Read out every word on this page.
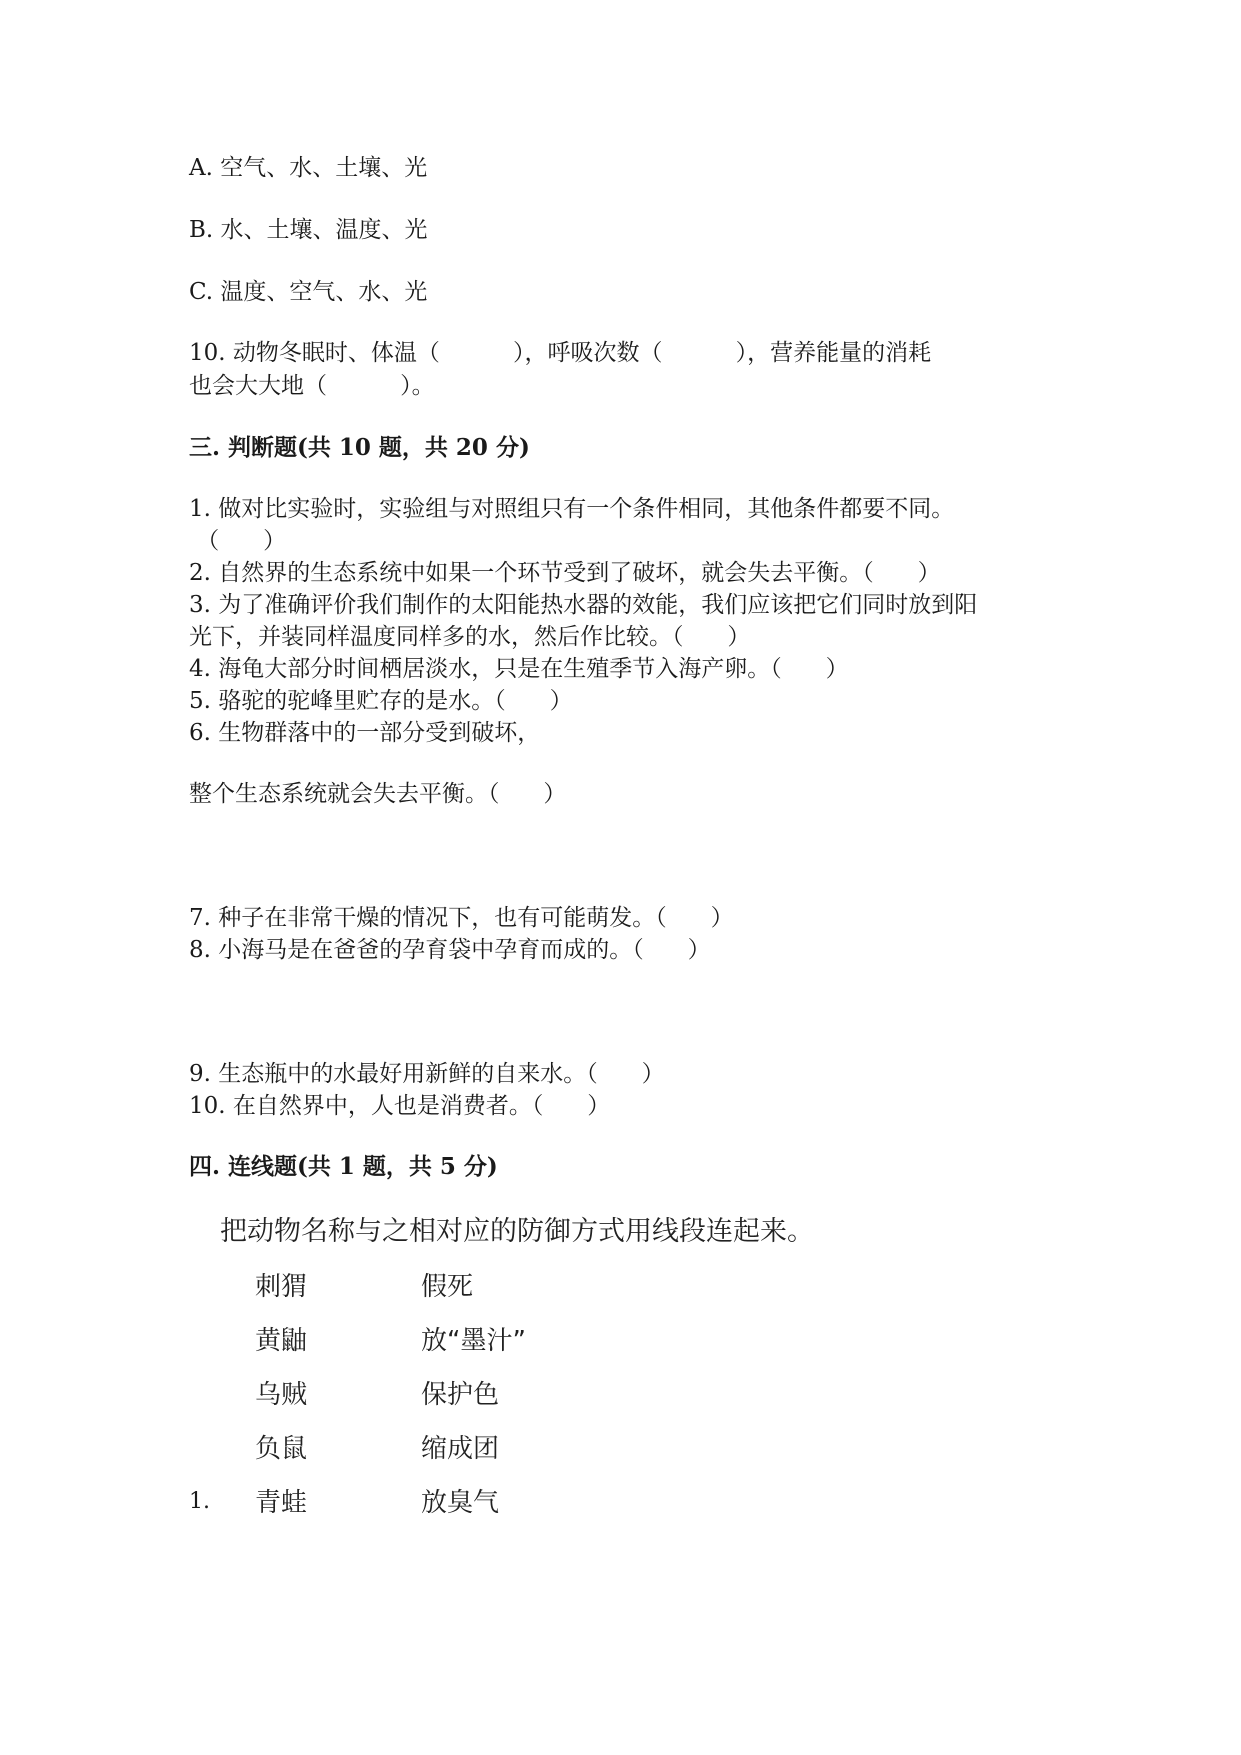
A. 空气、水、土壤、光

B. 水、土壤、温度、光

C. 温度、空气、水、光

10. 动物冬眠时、体温（          ），呼吸次数（          ），营养能量的消耗

也会大大地（          ）。

三. 判断题(共 10 题，共 20 分)

1. 做对比实验时，实验组与对照组只有一个条件相同，其他条件都要不同。

（      ）

2. 自然界的生态系统中如果一个环节受到了破坏，就会失去平衡。（      ）

3. 为了准确评价我们制作的太阳能热水器的效能，我们应该把它们同时放到阳

光下，并装同样温度同样多的水，然后作比较。（      ）

4. 海龟大部分时间栖居淡水，只是在生殖季节入海产卵。（      ）

5. 骆驼的驼峰里贮存的是水。（      ）

6. 生物群落中的一部分受到破坏，

整个生态系统就会失去平衡。（      ）

7. 种子在非常干燥的情况下，也有可能萌发。（      ）

8. 小海马是在爸爸的孕育袋中孕育而成的。（      ）

9. 生态瓶中的水最好用新鲜的自来水。（      ）

10. 在自然界中，人也是消费者。（      ）

四. 连线题(共 1 题，共 5 分)

把动物名称与之相对应的防御方式用线段连起来。

刺猬	假死
黄鼬	放“墨汁”
乌贼	保护色
负鼠	缩成团
1. 青蛙	放臭气
